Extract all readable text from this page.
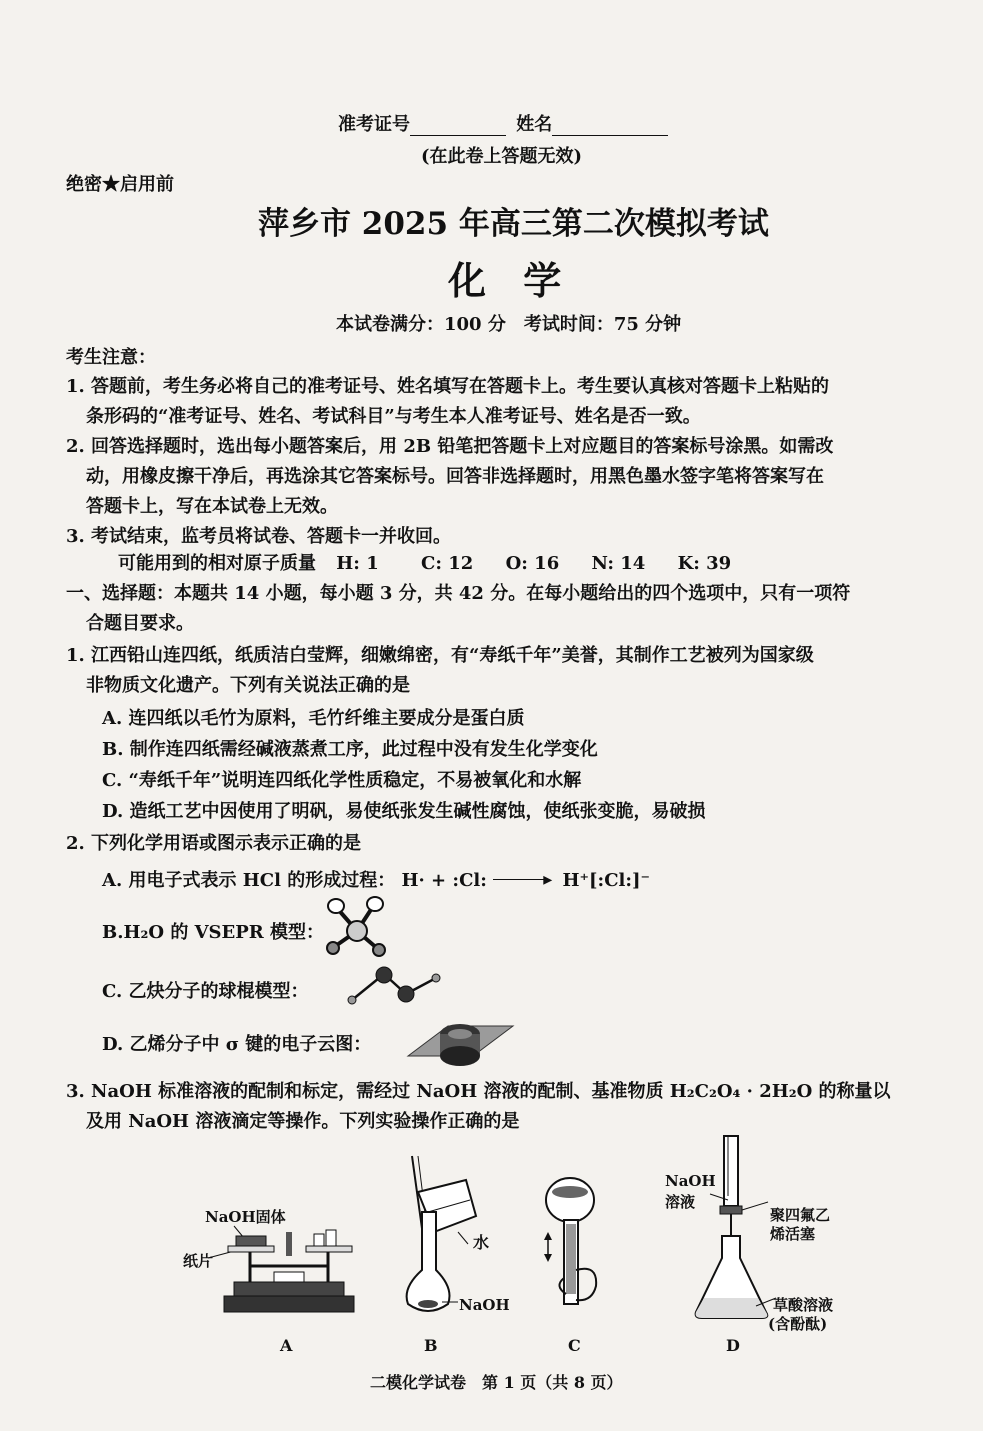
准考证号	姓名
(在此卷上答题无效)
绝密★启用前
萍乡市 2025 年高三第二次模拟考试
化 学
本试卷满分：100 分　考试时间：75 分钟
考生注意：
1. 答题前，考生务必将自己的准考证号、姓名填写在答题卡上。考生要认真核对答题卡上粘贴的
条形码的“准考证号、姓名、考试科目”与考生本人准考证号、姓名是否一致。
2. 回答选择题时，选出每小题答案后，用 2B 铅笔把答题卡上对应题目的答案标号涂黑。如需改
动，用橡皮擦干净后，再选涂其它答案标号。回答非选择题时，用黑色墨水签字笔将答案写在
答题卡上，写在本试卷上无效。
3. 考试结束，监考员将试卷、答题卡一并收回。
可能用到的相对原子质量 H: 1 C: 12 O: 16 N: 14 K: 39
一、选择题：本题共 14 小题，每小题 3 分，共 42 分。在每小题给出的四个选项中，只有一项符
合题目要求。
1. 江西铅山连四纸，纸质洁白莹辉，细嫩绵密，有“寿纸千年”美誉，其制作工艺被列为国家级
非物质文化遗产。下列有关说法正确的是
A. 连四纸以毛竹为原料，毛竹纤维主要成分是蛋白质
B. 制作连四纸需经碱液蒸煮工序，此过程中没有发生化学变化
C. “寿纸千年”说明连四纸化学性质稳定，不易被氧化和水解
D. 造纸工艺中因使用了明矾，易使纸张发生碱性腐蚀，使纸张变脆，易破损
2. 下列化学用语或图示表示正确的是
A. 用电子式表示 HCl 的形成过程： H· + :Cl:	▸ H⁺[:Cl:]⁻
B.H₂O 的 VSEPR 模型：
C. 乙炔分子的球棍模型：
D. 乙烯分子中 σ 键的电子云图：
3. NaOH 标准溶液的配制和标定，需经过 NaOH 溶液的配制、基准物质 H₂C₂O₄ · 2H₂O 的称量以
及用 NaOH 溶液滴定等操作。下列实验操作正确的是
NaOH固体
纸片
A
水
NaOH
B	C
NaOH
溶液
聚四氟乙
烯活塞
草酸溶液
(含酚酞)
D
二模化学试卷　第 1 页（共 8 页）
